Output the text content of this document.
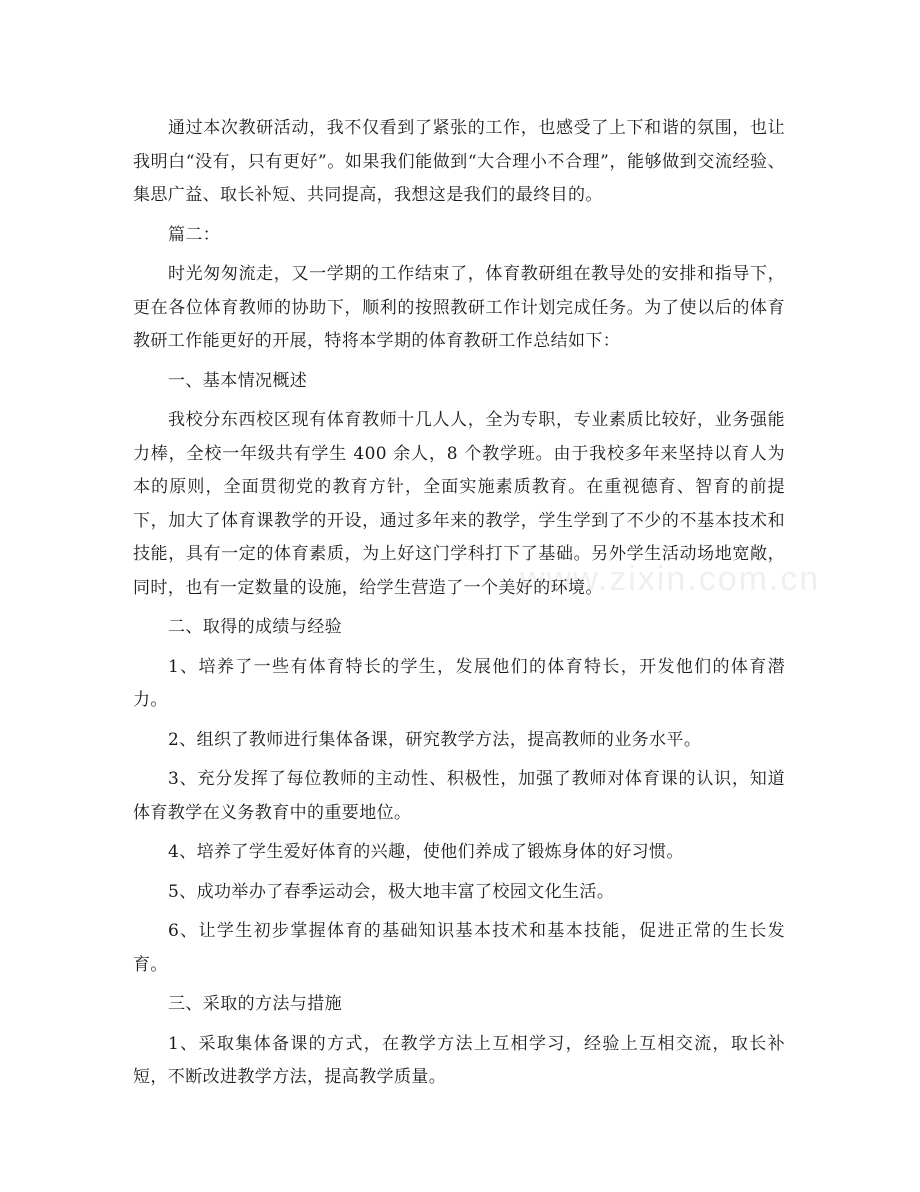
通过本次教研活动，我不仅看到了紧张的工作，也感受了上下和谐的氛围，也让我明白“没有，只有更好”。如果我们能做到“大合理小不合理”，能够做到交流经验、集思广益、取长补短、共同提高，我想这是我们的最终目的。

篇二：

时光匆匆流走，又一学期的工作结束了，体育教研组在教导处的安排和指导下，更在各位体育教师的协助下，顺利的按照教研工作计划完成任务。为了使以后的体育教研工作能更好的开展，特将本学期的体育教研工作总结如下：

一、基本情况概述

我校分东西校区现有体育教师十几人人，全为专职，专业素质比较好，业务强能力棒，全校一年级共有学生 400 余人，8 个教学班。由于我校多年来坚持以育人为本的原则，全面贯彻党的教育方针，全面实施素质教育。在重视德育、智育的前提下，加大了体育课教学的开设，通过多年来的教学，学生学到了不少的不基本技术和技能，具有一定的体育素质，为上好这门学科打下了基础。另外学生活动场地宽敞，同时，也有一定数量的设施，给学生营造了一个美好的环境。

二、取得的成绩与经验

1、培养了一些有体育特长的学生，发展他们的体育特长，开发他们的体育潜力。

2、组织了教师进行集体备课，研究教学方法，提高教师的业务水平。

3、充分发挥了每位教师的主动性、积极性，加强了教师对体育课的认识，知道体育教学在义务教育中的重要地位。

4、培养了学生爱好体育的兴趣，使他们养成了锻炼身体的好习惯。

5、成功举办了春季运动会，极大地丰富了校园文化生活。

6、让学生初步掌握体育的基础知识基本技术和基本技能，促进正常的生长发育。

三、采取的方法与措施

1、采取集体备课的方式，在教学方法上互相学习，经验上互相交流，取长补短，不断改进教学方法，提高教学质量。

www.zixin.com.cn
